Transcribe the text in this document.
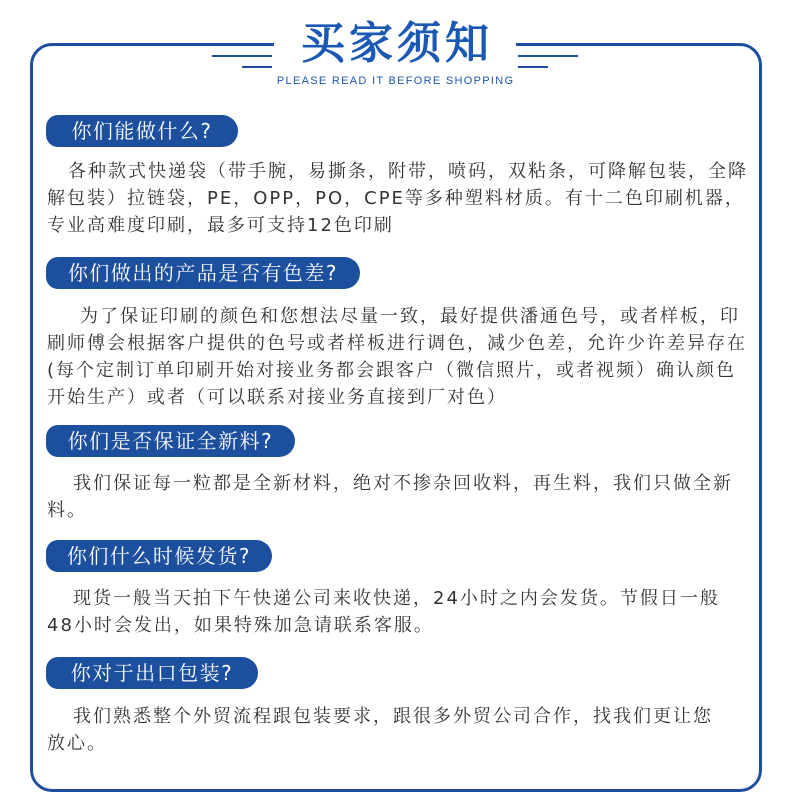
买家须知
PLEASE READ IT BEFORE SHOPPING
你们能做什么?
各种款式快递袋（带手腕，易撕条，附带，喷码，双粘条，可降解包装，全降
解包装）拉链袋，PE，OPP，PO，CPE等多种塑料材质。有十二色印刷机器，
专业高难度印刷，最多可支持12色印刷
你们做出的产品是否有色差?
为了保证印刷的颜色和您想法尽量一致，最好提供潘通色号，或者样板，印
刷师傅会根据客户提供的色号或者样板进行调色，减少色差，允许少许差异存在
(每个定制订单印刷开始对接业务都会跟客户（微信照片，或者视频）确认颜色
开始生产）或者（可以联系对接业务直接到厂对色）
你们是否保证全新料?
我们保证每一粒都是全新材料，绝对不掺杂回收料，再生料，我们只做全新
料。
你们什么时候发货?
现货一般当天拍下午快递公司来收快递，24小时之内会发货。节假日一般
48小时会发出，如果特殊加急请联系客服。
你对于出口包装?
我们熟悉整个外贸流程跟包装要求，跟很多外贸公司合作，找我们更让您
放心。
